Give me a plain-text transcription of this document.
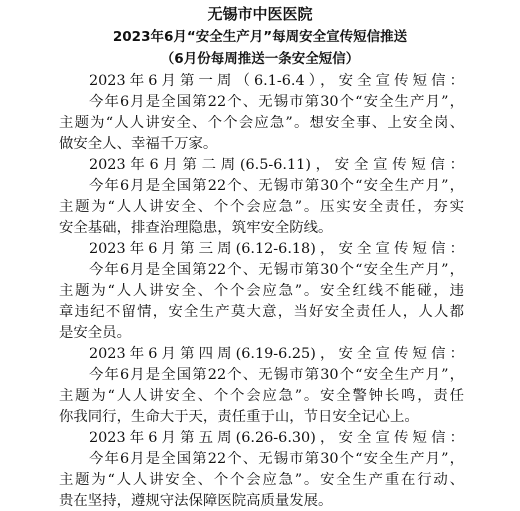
无锡市中医医院
2023年6月“安全生产月”每周安全宣传短信推送
（6月份每周推送一条安全短信）
2023年6月第一周（6.1-6.4），安全宣传短信：
今年6月是全国第22个、无锡市第30个“安全生产月”，
主题为“人人讲安全、个个会应急”。想安全事、上安全岗、
做安全人、幸福千万家。
2023年6月第二周(6.5-6.11)，安全宣传短信：
今年6月是全国第22个、无锡市第30个“安全生产月”，
主题为“人人讲安全、个个会应急”。压实安全责任，夯实
安全基础，排查治理隐患，筑牢安全防线。
2023年6月第三周(6.12-6.18)，安全宣传短信：
今年6月是全国第22个、无锡市第30个“安全生产月”，
主题为“人人讲安全、个个会应急”。安全红线不能碰，违
章违纪不留情，安全生产莫大意，当好安全责任人，人人都
是安全员。
2023年6月第四周(6.19-6.25)，安全宣传短信：
今年6月是全国第22个、无锡市第30个“安全生产月”，
主题为“人人讲安全、个个会应急”。安全警钟长鸣，责任
你我同行，生命大于天，责任重于山，节日安全记心上。
2023年6月第五周(6.26-6.30)，安全宣传短信：
今年6月是全国第22个、无锡市第30个“安全生产月”，
主题为“人人讲安全、个个会应急”。安全生产重在行动、
贵在坚持，遵规守法保障医院高质量发展。
